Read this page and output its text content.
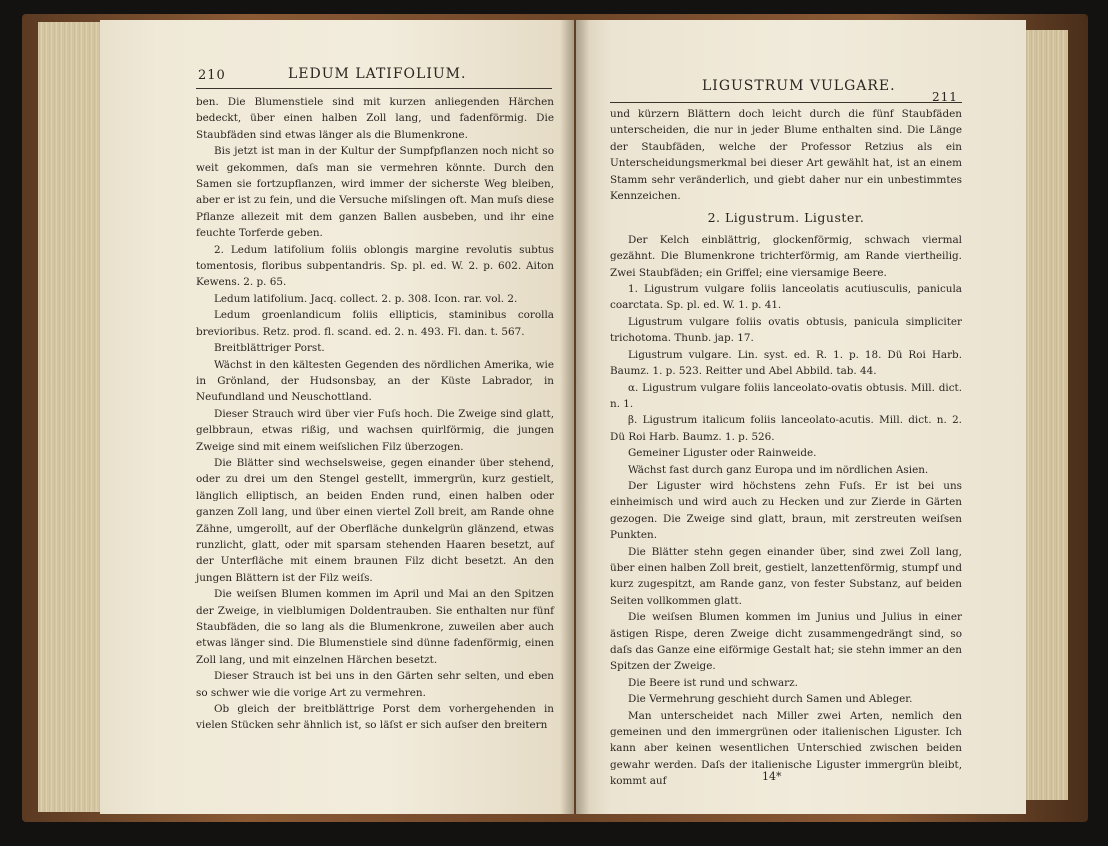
210	LEDUM LATIFOLIUM.

ben. Die Blumenstiele sind mit kurzen anliegenden Härchen bedeckt, über einen halben Zoll lang, und fadenförmig. Die Staubfäden sind etwas länger als die Blumenkrone.

Bis jetzt ist man in der Kultur der Sumpfpflanzen noch nicht so weit gekommen, daſs man sie vermehren könnte. Durch den Samen sie fortzupflanzen, wird immer der sicherste Weg bleiben, aber er ist zu fein, und die Versuche miſslingen oft. Man muſs diese Pflanze allezeit mit dem ganzen Ballen ausbeben, und ihr eine feuchte Torferde geben.

2. Ledum latifolium foliis oblongis margine revolutis subtus tomentosis, floribus subpentandris. Sp. pl. ed. W. 2. p. 602. Aiton Kewens. 2. p. 65.

Ledum latifolium. Jacq. collect. 2. p. 308. Icon. rar. vol. 2.

Ledum groenlandicum foliis ellipticis, staminibus corolla brevioribus. Retz. prod. fl. scand. ed. 2. n. 493. Fl. dan. t. 567.

Breitblättriger Porst.

Wächst in den kältesten Gegenden des nördlichen Amerika, wie in Grönland, der Hudsonsbay, an der Küste Labrador, in Neufundland und Neuschottland.

Dieser Strauch wird über vier Fuſs hoch. Die Zweige sind glatt, gelbbraun, etwas rißig, und wachsen quirlförmig, die jungen Zweige sind mit einem weiſslichen Filz überzogen.

Die Blätter sind wechselsweise, gegen einander über stehend, oder zu drei um den Stengel gestellt, immergrün, kurz gestielt, länglich elliptisch, an beiden Enden rund, einen halben oder ganzen Zoll lang, und über einen viertel Zoll breit, am Rande ohne Zähne, umgerollt, auf der Oberfläche dunkelgrün glänzend, etwas runzlicht, glatt, oder mit sparsam stehenden Haaren besetzt, auf der Unterfläche mit einem braunen Filz dicht besetzt. An den jungen Blättern ist der Filz weiſs.

Die weiſsen Blumen kommen im April und Mai an den Spitzen der Zweige, in vielblumigen Doldentrauben. Sie enthalten nur fünf Staubfäden, die so lang als die Blumenkrone, zuweilen aber auch etwas länger sind. Die Blumenstiele sind dünne fadenförmig, einen Zoll lang, und mit einzelnen Härchen besetzt.

Dieser Strauch ist bei uns in den Gärten sehr selten, und eben so schwer wie die vorige Art zu vermehren.

Ob gleich der breitblättrige Porst dem vorhergehenden in vielen Stücken sehr ähnlich ist, so läſst er sich auſser den breitern

LIGUSTRUM VULGARE.
211

und kürzern Blättern doch leicht durch die fünf Staubfäden unterscheiden, die nur in jeder Blume enthalten sind. Die Länge der Staubfäden, welche der Professor Retzius als ein Unterscheidungsmerkmal bei dieser Art gewählt hat, ist an einem Stamm sehr veränderlich, und giebt daher nur ein unbestimmtes Kennzeichen.

2. Ligustrum. Liguster.

Der Kelch einblättrig, glockenförmig, schwach viermal gezähnt. Die Blumenkrone trichterförmig, am Rande viertheilig. Zwei Staubfäden; ein Griffel; eine viersamige Beere.

1. Ligustrum vulgare foliis lanceolatis acutiusculis, panicula coarctata. Sp. pl. ed. W. 1. p. 41.

Ligustrum vulgare foliis ovatis obtusis, panicula simpliciter trichotoma. Thunb. jap. 17.

Ligustrum vulgare. Lin. syst. ed. R. 1. p. 18. Dü Roi Harb. Baumz. 1. p. 523. Reitter und Abel Abbild. tab. 44.

α. Ligustrum vulgare foliis lanceolato-ovatis obtusis. Mill. dict. n. 1.

β. Ligustrum italicum foliis lanceolato-acutis. Mill. dict. n. 2. Dü Roi Harb. Baumz. 1. p. 526.

Gemeiner Liguster oder Rainweide.

Wächst fast durch ganz Europa und im nördlichen Asien.

Der Liguster wird höchstens zehn Fuſs. Er ist bei uns einheimisch und wird auch zu Hecken und zur Zierde in Gärten gezogen. Die Zweige sind glatt, braun, mit zerstreuten weiſsen Punkten.

Die Blätter stehn gegen einander über, sind zwei Zoll lang, über einen halben Zoll breit, gestielt, lanzettenförmig, stumpf und kurz zugespitzt, am Rande ganz, von fester Substanz, auf beiden Seiten vollkommen glatt.

Die weiſsen Blumen kommen im Junius und Julius in einer ästigen Rispe, deren Zweige dicht zusammengedrängt sind, so daſs das Ganze eine eiförmige Gestalt hat; sie stehn immer an den Spitzen der Zweige.

Die Beere ist rund und schwarz.

Die Vermehrung geschieht durch Samen und Ableger.

Man unterscheidet nach Miller zwei Arten, nemlich den gemeinen und den immergrünen oder italienischen Liguster. Ich kann aber keinen wesentlichen Unterschied zwischen beiden gewahr werden. Daſs der italienische Liguster immergrün bleibt, kommt auf	14*
